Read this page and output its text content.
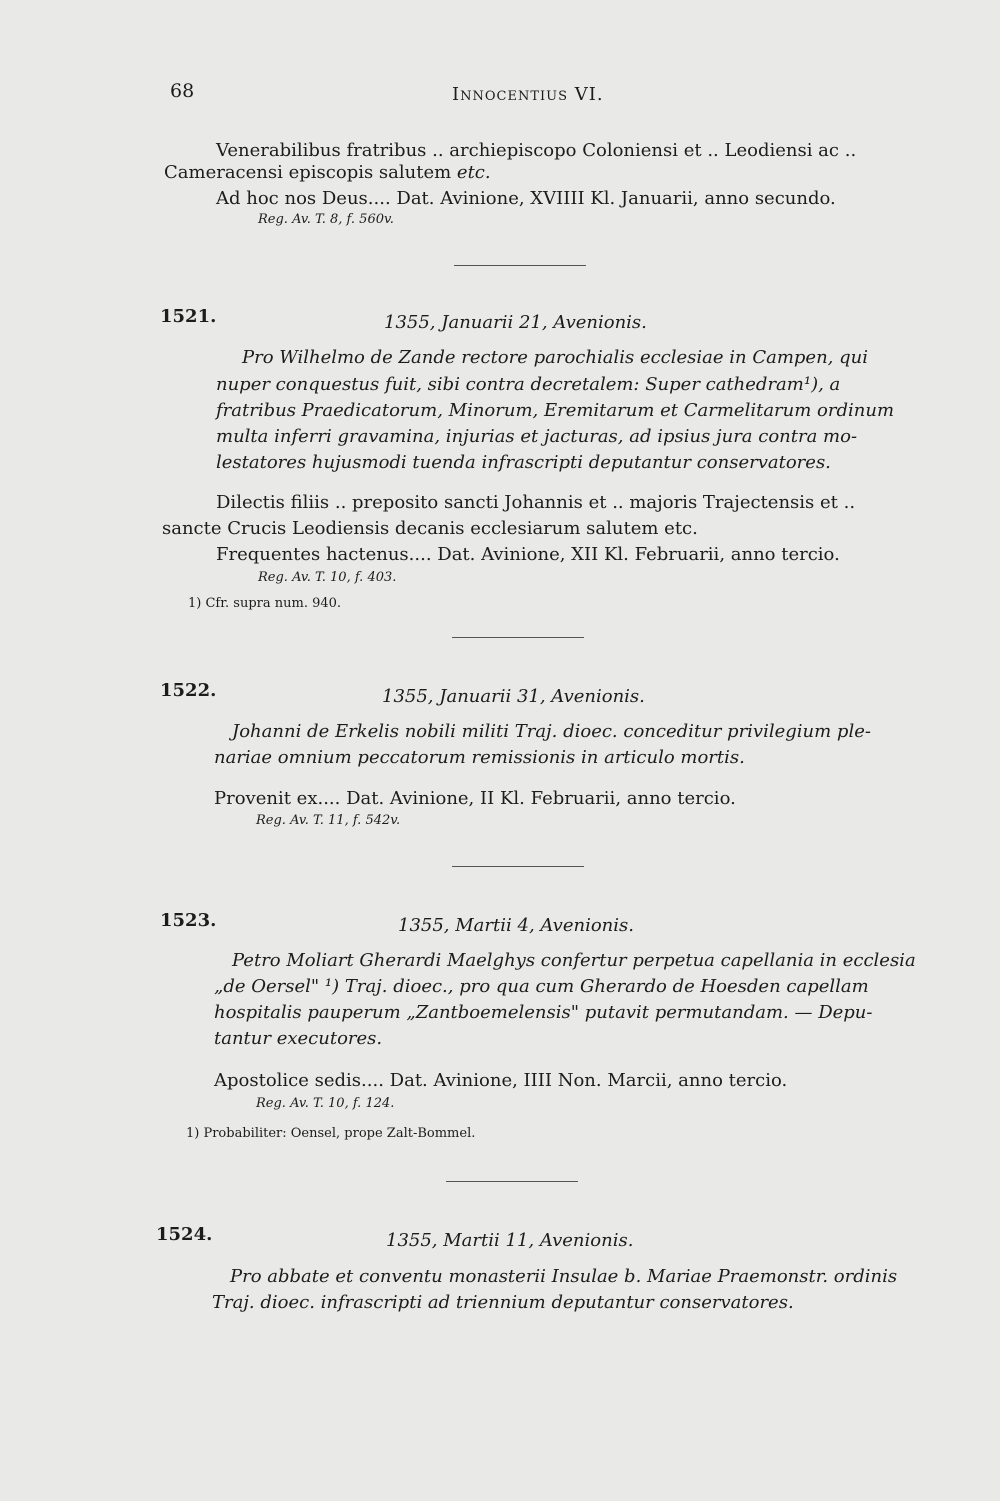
68	Innocentius VI.
Venerabilibus fratribus .. archiepiscopo Coloniensi et .. Leodiensi ac ..
Cameracensi episcopis salutem etc.
Ad hoc nos Deus.... Dat. Avinione, XVIIII Kl. Januarii, anno secundo.
Reg. Av. T. 8, f. 560v.
1521.	1355, Januarii 21, Avenionis.
Pro Wilhelmo de Zande rectore parochialis ecclesiae in Campen, qui
nuper conquestus fuit, sibi contra decretalem: Super cathedram¹), a
fratribus Praedicatorum, Minorum, Eremitarum et Carmelitarum ordinum
multa inferri gravamina, injurias et jacturas, ad ipsius jura contra mo-
lestatores hujusmodi tuenda infrascripti deputantur conservatores.
Dilectis filiis .. preposito sancti Johannis et .. majoris Trajectensis et ..
sancte Crucis Leodiensis decanis ecclesiarum salutem etc.
Frequentes hactenus.... Dat. Avinione, XII Kl. Februarii, anno tercio.
Reg. Av. T. 10, f. 403.
1) Cfr. supra num. 940.
1522.	1355, Januarii 31, Avenionis.
Johanni de Erkelis nobili militi Traj. dioec. conceditur privilegium ple-
nariae omnium peccatorum remissionis in articulo mortis.
Provenit ex.... Dat. Avinione, II Kl. Februarii, anno tercio.
Reg. Av. T. 11, f. 542v.
1523.	1355, Martii 4, Avenionis.
Petro Moliart Gherardi Maelghys confertur perpetua capellania in ecclesia
„de Oersel" ¹) Traj. dioec., pro qua cum Gherardo de Hoesden capellam
hospitalis pauperum „Zantboemelensis" putavit permutandam. — Depu-
tantur executores.
Apostolice sedis.... Dat. Avinione, IIII Non. Marcii, anno tercio.
Reg. Av. T. 10, f. 124.
1) Probabiliter: Oensel, prope Zalt-Bommel.
1524.	1355, Martii 11, Avenionis.
Pro abbate et conventu monasterii Insulae b. Mariae Praemonstr. ordinis
Traj. dioec. infrascripti ad triennium deputantur conservatores.
